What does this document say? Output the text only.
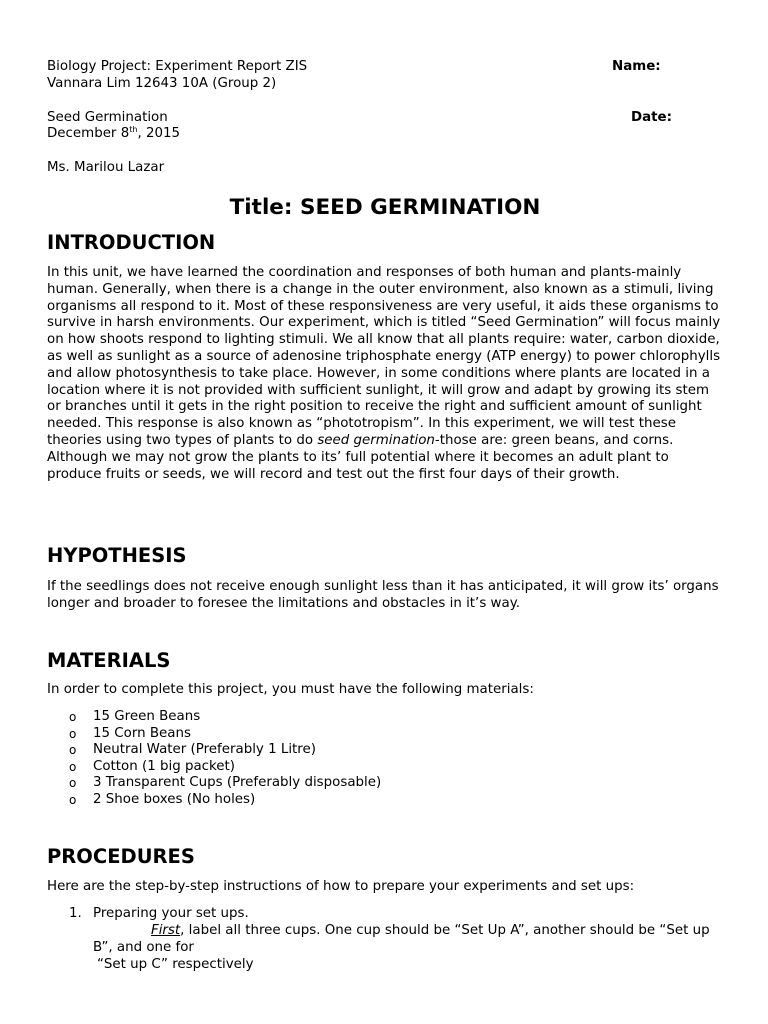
Biology Project: Experiment Report ZIS	Name:
Vannara Lim 12643 10A (Group 2)
Seed Germination	Date:
December 8th, 2015
Ms. Marilou Lazar
Title: SEED GERMINATION
INTRODUCTION

In this unit, we have learned the coordination and responses of both human and plants-mainly human. Generally, when there is a change in the outer environment, also known as a stimuli, living organisms all respond to it. Most of these responsiveness are very useful, it aids these organisms to survive in harsh environments. Our experiment, which is titled “Seed Germination” will focus mainly on how shoots respond to lighting stimuli. We all know that all plants require: water, carbon dioxide, as well as sunlight as a source of adenosine triphosphate energy (ATP energy) to power chlorophylls and allow photosynthesis to take place. However, in some conditions where plants are located in a location where it is not provided with sufficient sunlight, it will grow and adapt by growing its stem or branches until it gets in the right position to receive the right and sufficient amount of sunlight needed. This response is also known as “phototropism”. In this experiment, we will test these theories using two types of plants to do seed germination-those are: green beans, and corns. Although we may not grow the plants to its’ full potential where it becomes an adult plant to produce fruits or seeds, we will record and test out the first four days of their growth.

HYPOTHESIS

If the seedlings does not receive enough sunlight less than it has anticipated, it will grow its’ organs longer and broader to foresee the limitations and obstacles in it’s way.

MATERIALS

In order to complete this project, you must have the following materials:

o 15 Green Beans
o 15 Corn Beans
o Neutral Water (Preferably 1 Litre)
o Cotton (1 big packet)
o 3 Transparent Cups (Preferably disposable)
o 2 Shoe boxes (No holes)
PROCEDURES

Here are the step-by-step instructions of how to prepare your experiments and set ups:

1. Preparing your set ups.
First, label all three cups. One cup should be “Set Up A”, another should be “Set up B”, and one for
“Set up C” respectively
